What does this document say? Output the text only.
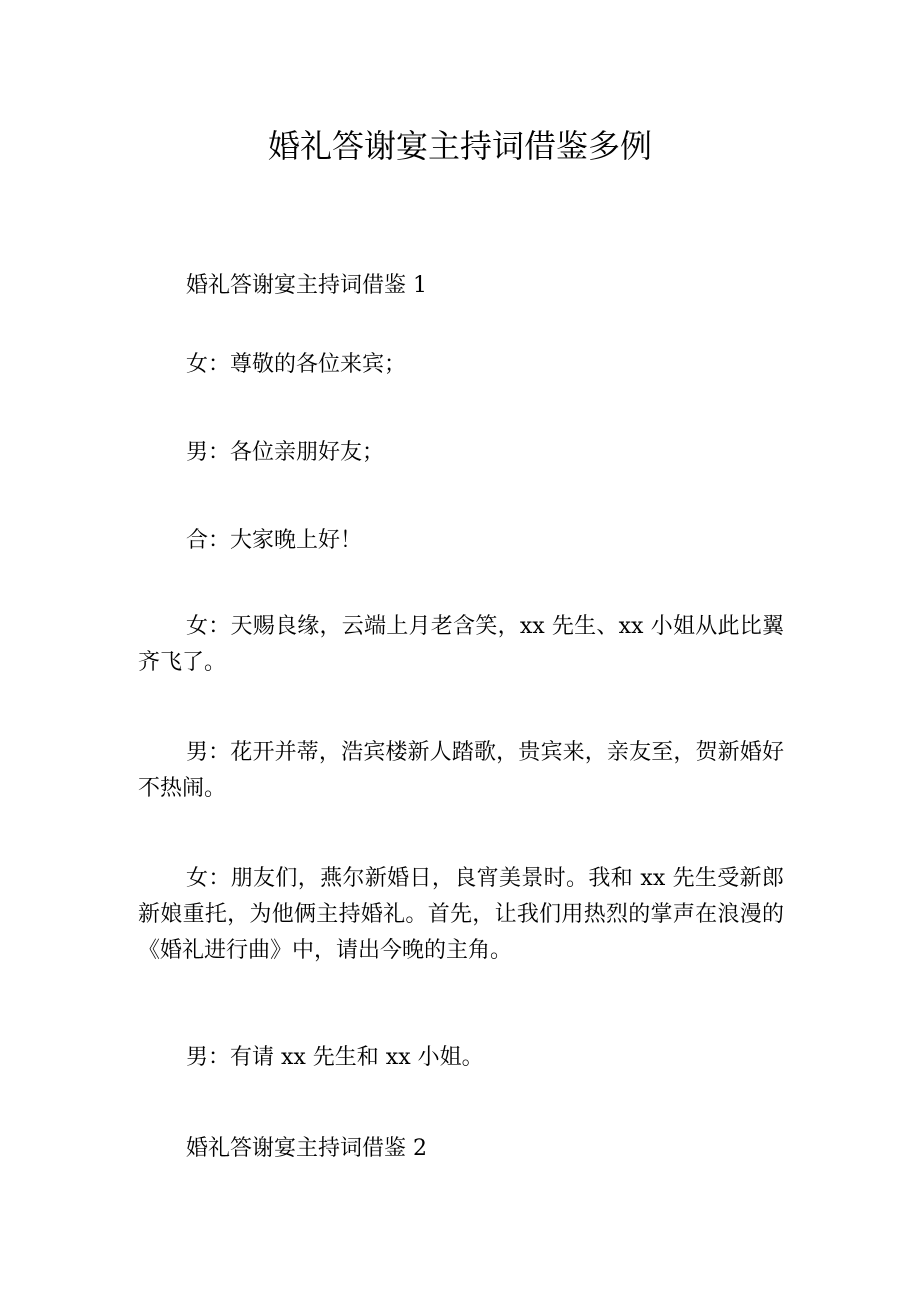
婚礼答谢宴主持词借鉴多例

婚礼答谢宴主持词借鉴 1

女：尊敬的各位来宾；

男：各位亲朋好友；

合：大家晚上好！

女：天赐良缘，云端上月老含笑，xx 先生、xx 小姐从此比翼齐飞了。

男：花开并蒂，浩宾楼新人踏歌，贵宾来，亲友至，贺新婚好不热闹。

女：朋友们，燕尔新婚日，良宵美景时。我和 xx 先生受新郎新娘重托，为他俩主持婚礼。首先，让我们用热烈的掌声在浪漫的《婚礼进行曲》中，请出今晚的主角。

男：有请 xx 先生和 xx 小姐。

婚礼答谢宴主持词借鉴 2
